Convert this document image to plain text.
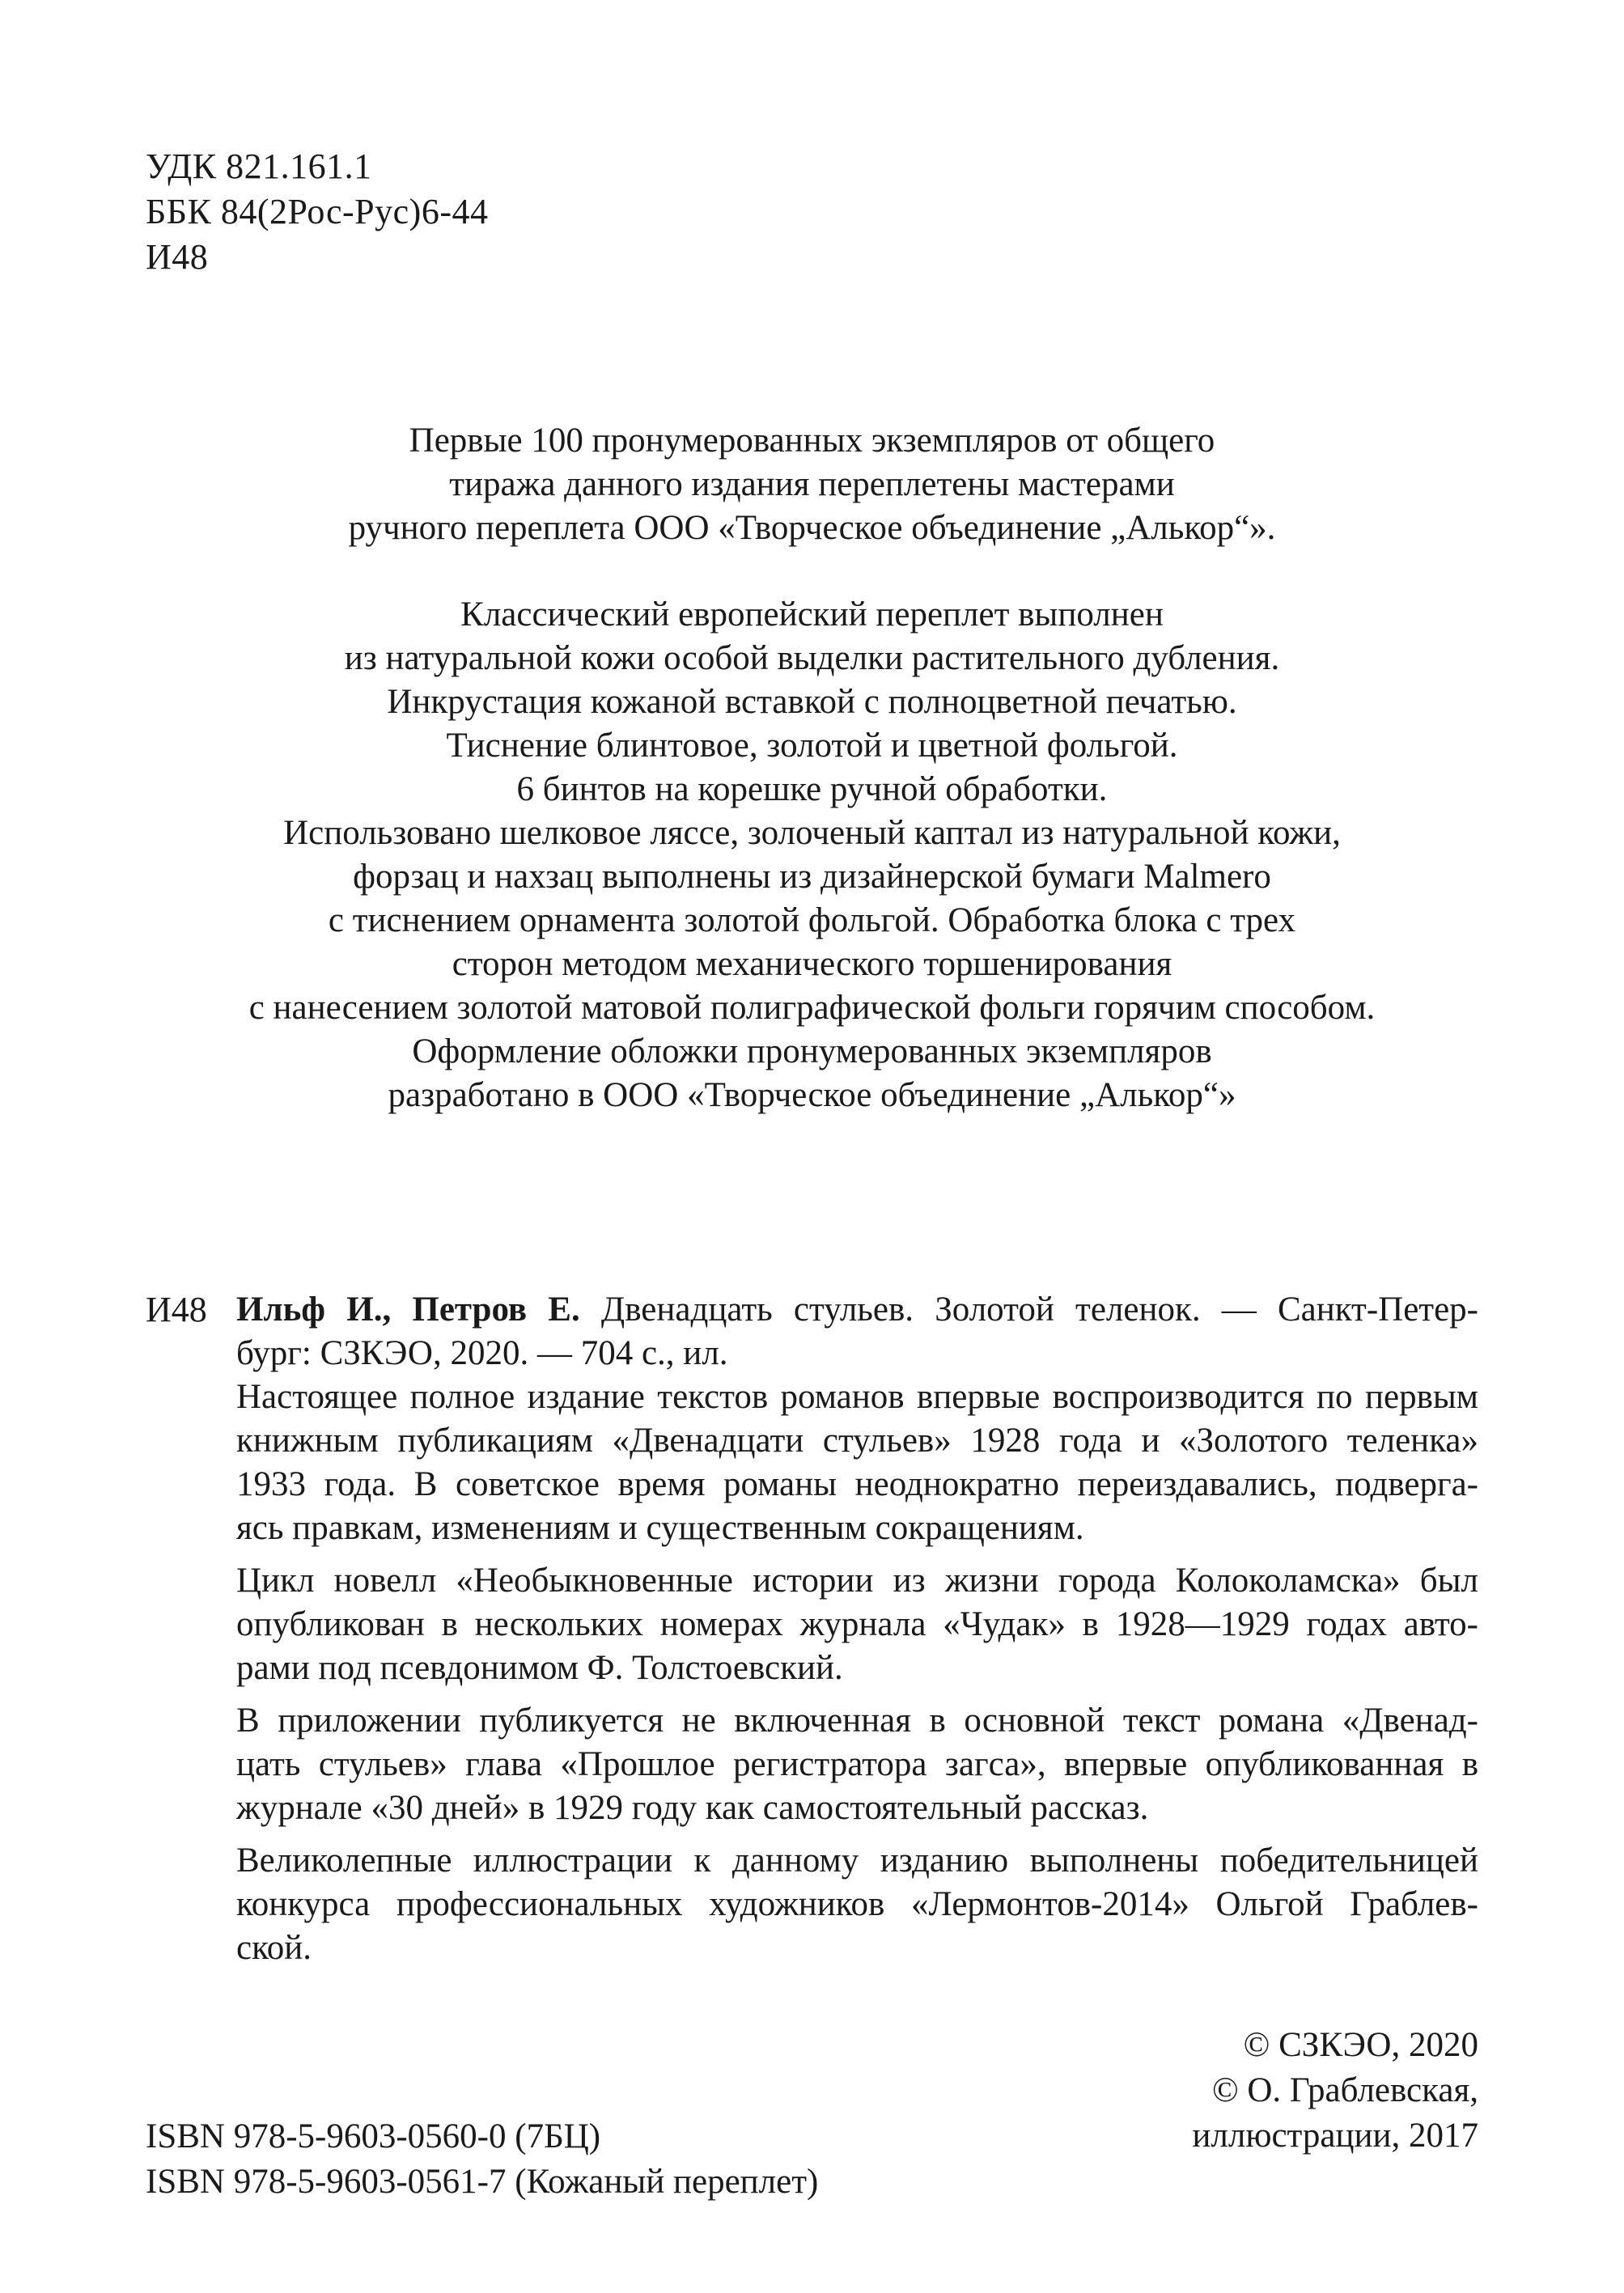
УДК 821.161.1
ББК 84(2Рос-Рус)6-44
И48
Первые 100 пронумерованных экземпляров от общего
тиража данного издания переплетены мастерами
ручного переплета ООО «Творческое объединение „Алькор“».
Классический европейский переплет выполнен
из натуральной кожи особой выделки растительного дубления.
Инкрустация кожаной вставкой с полноцветной печатью.
Тиснение блинтовое, золотой и цветной фольгой.
6 бинтов на корешке ручной обработки.
Использовано шелковое ляссе, золоченый каптал из натуральной кожи,
форзац и нахзац выполнены из дизайнерской бумаги Malmero
с тиснением орнамента золотой фольгой. Обработка блока с трех
сторон методом механического торшенирования
с нанесением золотой матовой полиграфической фольги горячим способом.
Оформление обложки пронумерованных экземпляров
разработано в ООО «Творческое объединение „Алькор“»
И48 Ильф И., Петров Е. Двенадцать стульев. Золотой теленок. — Санкт-Петер-
бург: СЗКЭО, 2020. — 704 с., ил.
Настоящее полное издание текстов романов впервые воспроизводится по первым
книжным публикациям «Двенадцати стульев» 1928 года и «Золотого теленка»
1933 года. В советское время романы неоднократно переиздавались, подверга-
ясь правкам, изменениям и существенным сокращениям.
Цикл новелл «Необыкновенные истории из жизни города Колоколамска» был
опубликован в нескольких номерах журнала «Чудак» в 1928—1929 годах авто-
рами под псевдонимом Ф. Толстоевский.
В приложении публикуется не включенная в основной текст романа «Двенад-
цать стульев» глава «Прошлое регистратора загса», впервые опубликованная в
журнале «30 дней» в 1929 году как самостоятельный рассказ.
Великолепные иллюстрации к данному изданию выполнены победительницей
конкурса профессиональных художников «Лермонтов-2014» Ольгой Граблев-
ской.
© СЗКЭО, 2020
© О. Граблевская,
иллюстрации, 2017
ISBN 978-5-9603-0560-0 (7БЦ)
ISBN 978-5-9603-0561-7 (Кожаный переплет)
